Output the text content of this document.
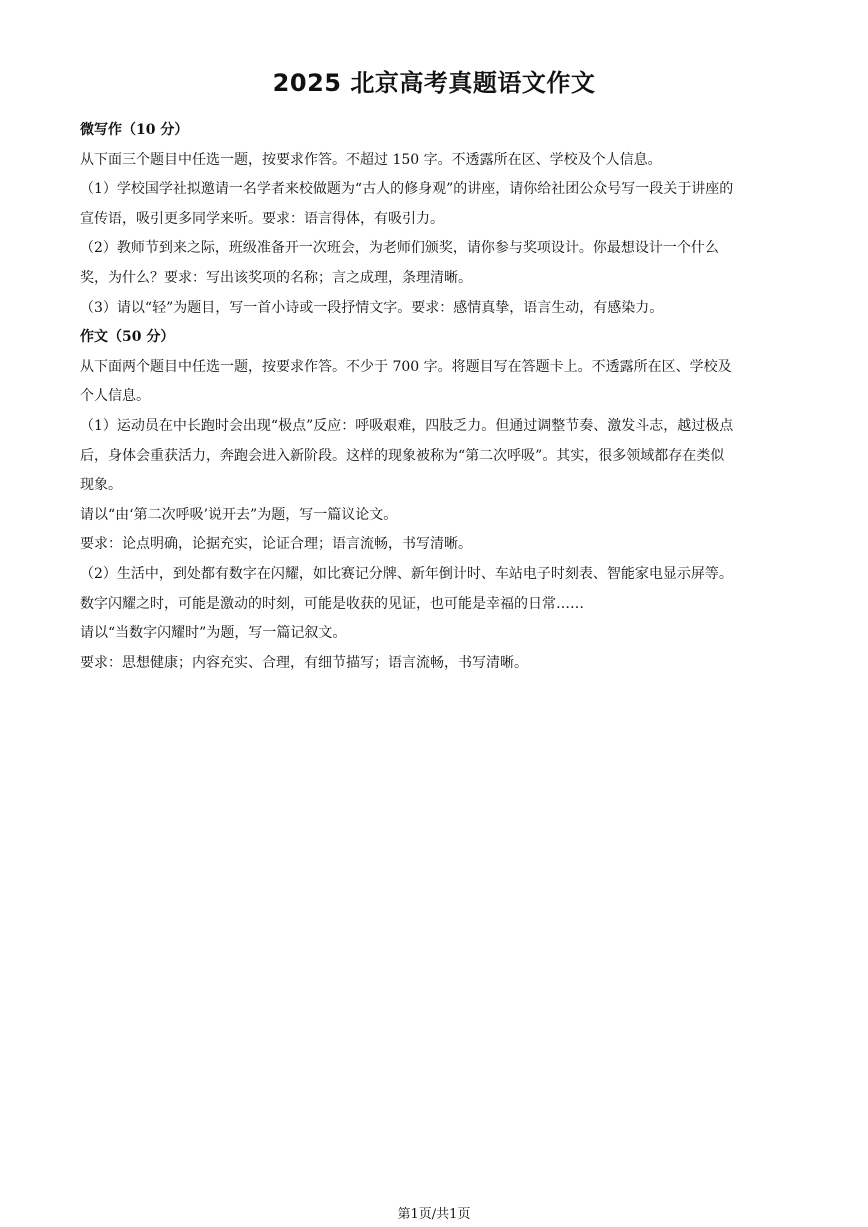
2025 北京高考真题语文作文

微写作（10 分）

从下面三个题目中任选一题，按要求作答。不超过 150 字。不透露所在区、学校及个人信息。

（1）学校国学社拟邀请一名学者来校做题为“古人的修身观”的讲座，请你给社团公众号写一段关于讲座的

宣传语，吸引更多同学来听。要求：语言得体，有吸引力。

（2）教师节到来之际，班级准备开一次班会，为老师们颁奖，请你参与奖项设计。你最想设计一个什么

奖，为什么？要求：写出该奖项的名称；言之成理，条理清晰。

（3）请以“轻”为题目，写一首小诗或一段抒情文字。要求：感情真挚，语言生动，有感染力。

作文（50 分）

从下面两个题目中任选一题，按要求作答。不少于 700 字。将题目写在答题卡上。不透露所在区、学校及

个人信息。

（1）运动员在中长跑时会出现“极点”反应：呼吸艰难，四肢乏力。但通过调整节奏、激发斗志，越过极点

后，身体会重获活力，奔跑会进入新阶段。这样的现象被称为“第二次呼吸”。其实，很多领域都存在类似

现象。

请以“由‘第二次呼吸’说开去”为题，写一篇议论文。

要求：论点明确，论据充实，论证合理；语言流畅，书写清晰。

（2）生活中，到处都有数字在闪耀，如比赛记分牌、新年倒计时、车站电子时刻表、智能家电显示屏等。

数字闪耀之时，可能是激动的时刻，可能是收获的见证，也可能是幸福的日常……

请以“当数字闪耀时”为题，写一篇记叙文。

要求：思想健康；内容充实、合理，有细节描写；语言流畅，书写清晰。

第1页/共1页
